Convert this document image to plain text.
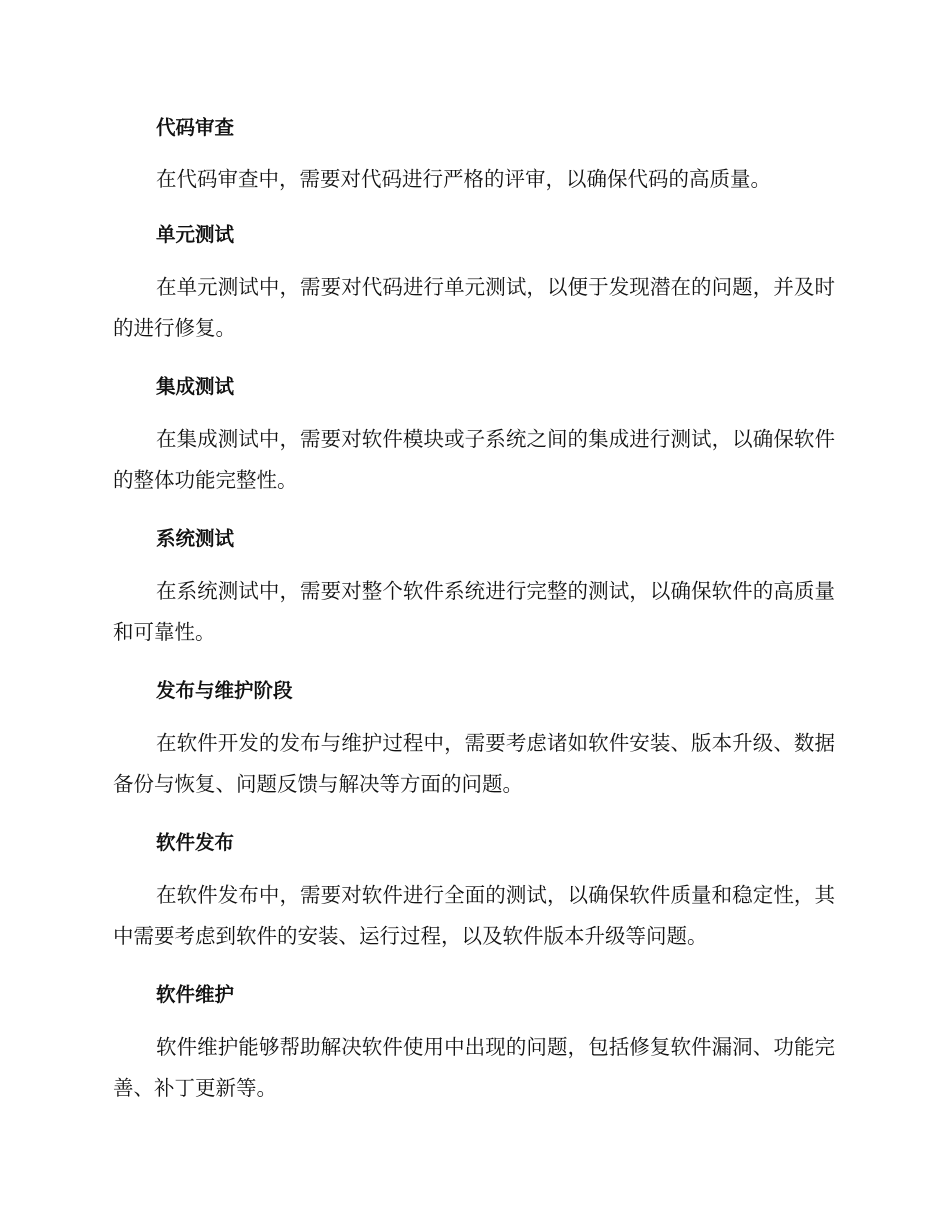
代码审查

在代码审查中，需要对代码进行严格的评审，以确保代码的高质量。

单元测试

在单元测试中，需要对代码进行单元测试，以便于发现潜在的问题，并及时的进行修复。

集成测试

在集成测试中，需要对软件模块或子系统之间的集成进行测试，以确保软件的整体功能完整性。

系统测试

在系统测试中，需要对整个软件系统进行完整的测试，以确保软件的高质量和可靠性。

发布与维护阶段

在软件开发的发布与维护过程中，需要考虑诸如软件安装、版本升级、数据备份与恢复、问题反馈与解决等方面的问题。

软件发布

在软件发布中，需要对软件进行全面的测试，以确保软件质量和稳定性，其中需要考虑到软件的安装、运行过程，以及软件版本升级等问题。

软件维护

软件维护能够帮助解决软件使用中出现的问题，包括修复软件漏洞、功能完善、补丁更新等。
